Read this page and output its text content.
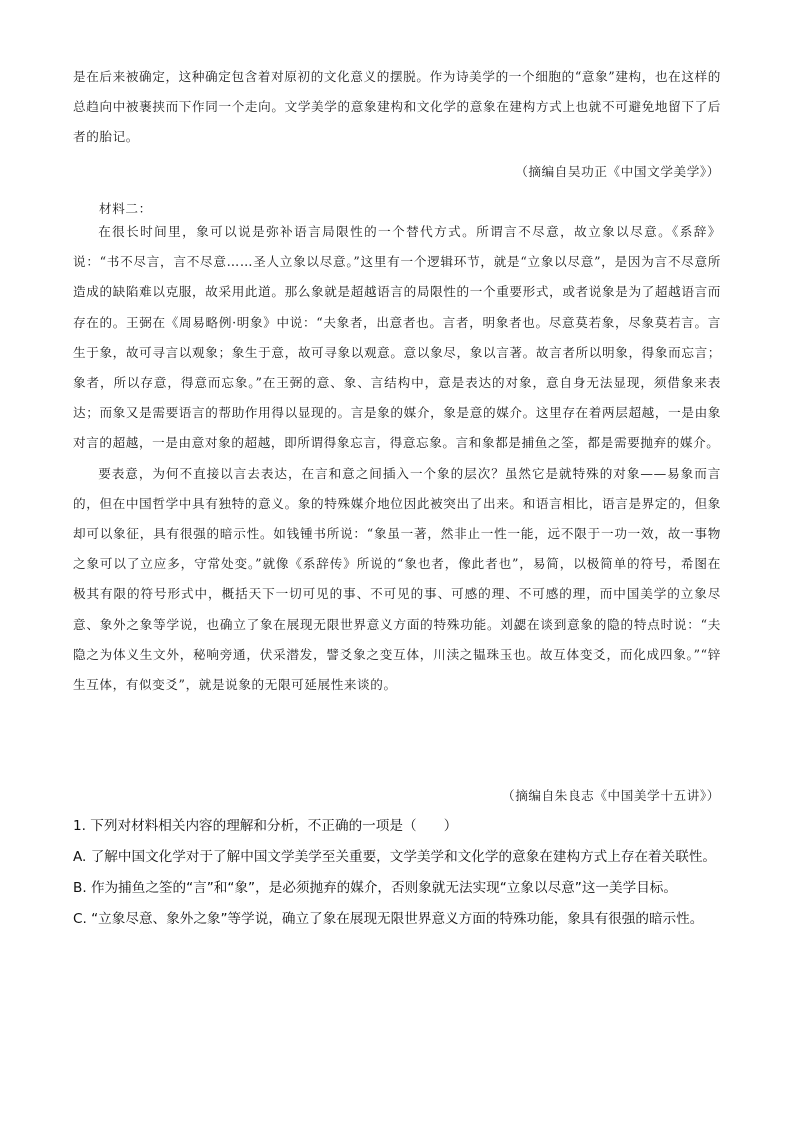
是在后来被确定，这种确定包含着对原初的文化意义的摆脱。作为诗美学的一个细胞的“意象”建构，也在这样的总趋向中被裹挟而下作同一个走向。文学美学的意象建构和文化学的意象在建构方式上也就不可避免地留下了后者的胎记。

（摘编自吴功正《中国文学美学》）
材料二：

在很长时间里，象可以说是弥补语言局限性的一个替代方式。所谓言不尽意，故立象以尽意。《系辞》说：“书不尽言，言不尽意……圣人立象以尽意。”这里有一个逻辑环节，就是“立象以尽意”，是因为言不尽意所造成的缺陷难以克服，故采用此道。那么象就是超越语言的局限性的一个重要形式，或者说象是为了超越语言而存在的。王弼在《周易略例·明象》中说：“夫象者，出意者也。言者，明象者也。尽意莫若象，尽象莫若言。言生于象，故可寻言以观象；象生于意，故可寻象以观意。意以象尽，象以言著。故言者所以明象，得象而忘言；象者，所以存意，得意而忘象。”在王弼的意、象、言结构中，意是表达的对象，意自身无法显现，须借象来表达；而象又是需要语言的帮助作用得以显现的。言是象的媒介，象是意的媒介。这里存在着两层超越，一是由象对言的超越，一是由意对象的超越，即所谓得象忘言，得意忘象。言和象都是捕鱼之筌，都是需要抛弃的媒介。

要表意，为何不直接以言去表达，在言和意之间插入一个象的层次？虽然它是就特殊的对象——易象而言的，但在中国哲学中具有独特的意义。象的特殊媒介地位因此被突出了出来。和语言相比，语言是界定的，但象却可以象征，具有很强的暗示性。如钱锺书所说：“象虽一著，然非止一性一能，远不限于一功一效，故一事物之象可以了立应多，守常处变。”就像《系辞传》所说的“象也者，像此者也”，易简，以极简单的符号，希图在极其有限的符号形式中，概括天下一切可见的事、不可见的事、可感的理、不可感的理，而中国美学的立象尽意、象外之象等学说，也确立了象在展现无限世界意义方面的特殊功能。刘勰在谈到意象的隐的特点时说：“夫隐之为体义生文外，秘响旁通，伏采潜发，譬爻象之变互体，川渎之韫珠玉也。故互体变爻，而化成四象。”“锌生互体，有似变爻”，就是说象的无限可延展性来谈的。

（摘编自朱良志《中国美学十五讲》）

1. 下列对材料相关内容的理解和分析，不正确的一项是（　　）

A. 了解中国文化学对于了解中国文学美学至关重要，文学美学和文化学的意象在建构方式上存在着关联性。

B. 作为捕鱼之筌的“言”和“象”，是必须抛弃的媒介，否则象就无法实现“立象以尽意”这一美学目标。

C. “立象尽意、象外之象”等学说，确立了象在展现无限世界意义方面的特殊功能，象具有很强的暗示性。
